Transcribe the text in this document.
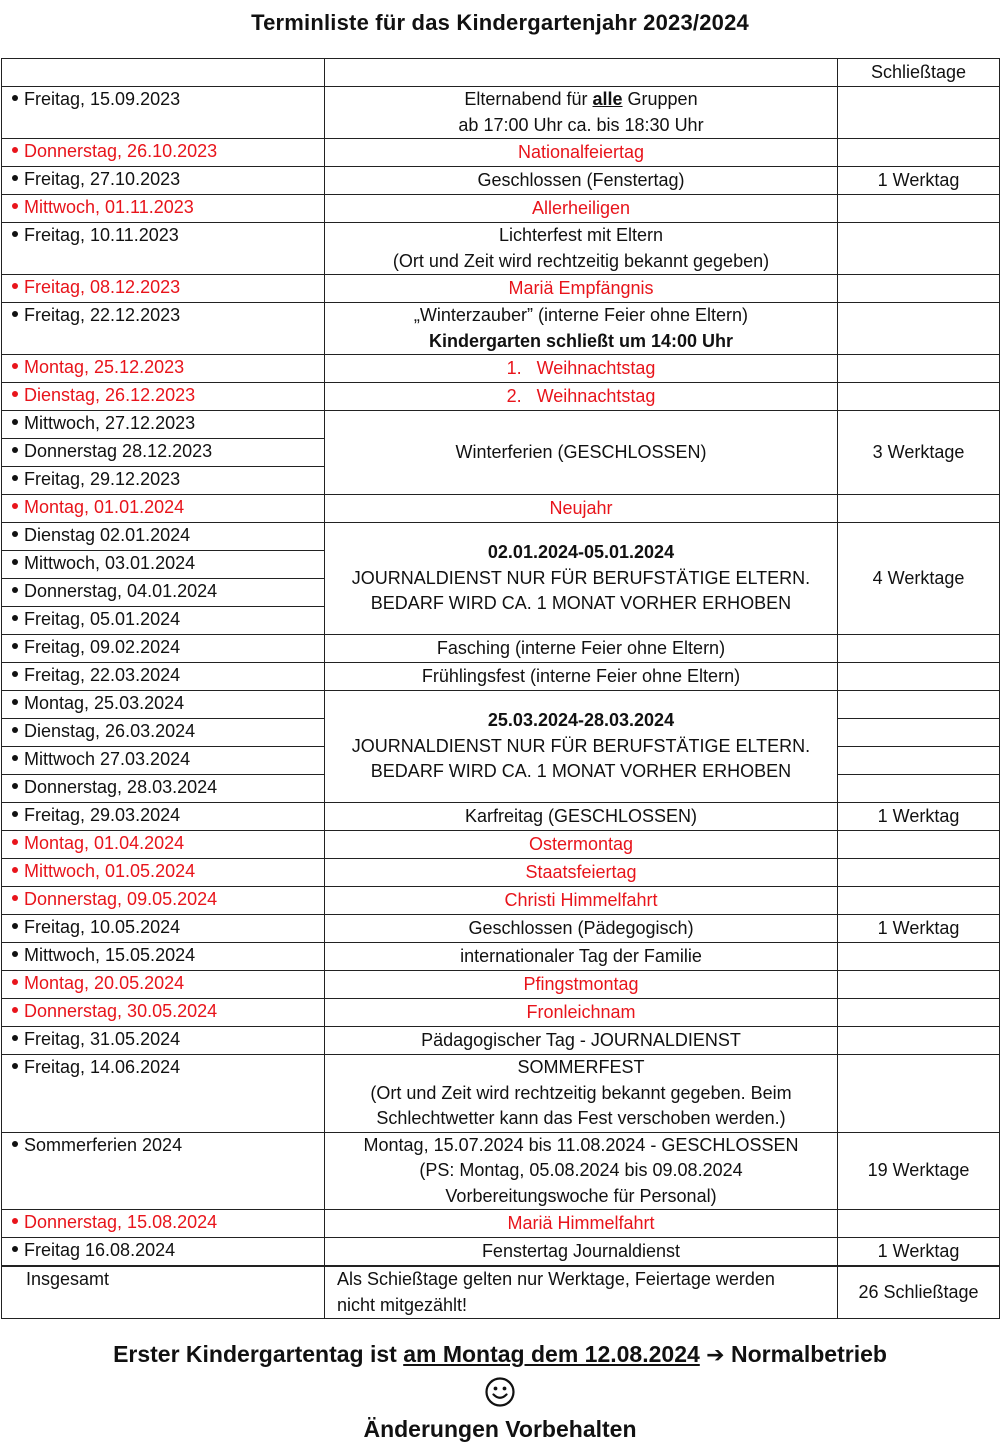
Terminliste für das Kindergartenjahr 2023/2024
		Schließtage
Freitag, 15.09.2023	Elternabend für alle Gruppen
ab 17:00 Uhr ca. bis 18:30 Uhr	
Donnerstag, 26.10.2023	Nationalfeiertag	
Freitag, 27.10.2023	Geschlossen (Fenstertag)	1 Werktag
Mittwoch, 01.11.2023	Allerheiligen	
Freitag, 10.11.2023	Lichterfest mit Eltern
(Ort und Zeit wird rechtzeitig bekannt gegeben)	
Freitag, 08.12.2023	Mariä Empfängnis	
Freitag, 22.12.2023	„Winterzauber” (interne Feier ohne Eltern)
Kindergarten schließt um 14:00 Uhr	
Montag, 25.12.2023	1. Weihnachtstag	
Dienstag, 26.12.2023	2. Weihnachtstag	
Mittwoch, 27.12.2023	Winterferien (GESCHLOSSEN)	3 Werktage
Donnerstag 28.12.2023		
Freitag, 29.12.2023		
Montag, 01.01.2024	Neujahr	
Dienstag 02.01.2024	02.01.2024-05.01.2024
JOURNALDIENST NUR FÜR BERUFSTÄTIGE ELTERN.
BEDARF WIRD CA. 1 MONAT VORHER ERHOBEN	4 Werktage
Mittwoch, 03.01.2024		
Donnerstag, 04.01.2024		
Freitag, 05.01.2024		
Freitag, 09.02.2024	Fasching (interne Feier ohne Eltern)	
Freitag, 22.03.2024	Frühlingsfest (interne Feier ohne Eltern)	
Montag, 25.03.2024	25.03.2024-28.03.2024
JOURNALDIENST NUR FÜR BERUFSTÄTIGE ELTERN.
BEDARF WIRD CA. 1 MONAT VORHER ERHOBEN	
Dienstag, 26.03.2024		
Mittwoch 27.03.2024		
Donnerstag, 28.03.2024		
Freitag, 29.03.2024	Karfreitag (GESCHLOSSEN)	1 Werktag
Montag, 01.04.2024	Ostermontag	
Mittwoch, 01.05.2024	Staatsfeiertag	
Donnerstag, 09.05.2024	Christi Himmelfahrt	
Freitag, 10.05.2024	Geschlossen (Pädegogisch)	1 Werktag
Mittwoch, 15.05.2024	internationaler Tag der Familie	
Montag, 20.05.2024	Pfingstmontag	
Donnerstag, 30.05.2024	Fronleichnam	
Freitag, 31.05.2024	Pädagogischer Tag - JOURNALDIENST	
Freitag, 14.06.2024	SOMMERFEST
(Ort und Zeit wird rechtzeitig bekannt gegeben. Beim
Schlechtwetter kann das Fest verschoben werden.)	
Sommerferien 2024	Montag, 15.07.2024 bis 11.08.2024 - GESCHLOSSEN
(PS: Montag, 05.08.2024 bis 09.08.2024
Vorbereitungswoche für Personal)	19 Werktage
Donnerstag, 15.08.2024	Mariä Himmelfahrt	
Freitag 16.08.2024	Fenstertag Journaldienst	1 Werktag
Insgesamt	Als Schießtage gelten nur Werktage, Feiertage werden
nicht mitgezählt!	26 Schließtage
Erster Kindergartentag ist am Montag dem 12.08.2024 ➔ Normalbetrieb
Änderungen Vorbehalten
